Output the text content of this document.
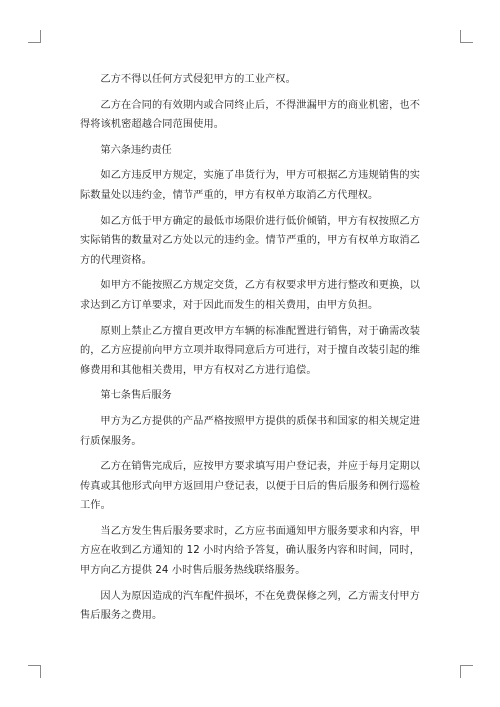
乙方不得以任何方式侵犯甲方的工业产权。

乙方在合同的有效期内或合同终止后，不得泄漏甲方的商业机密，也不得将该机密超越合同范围使用。

第六条违约责任

如乙方违反甲方规定，实施了串货行为，甲方可根据乙方违规销售的实际数量处以违约金，情节严重的，甲方有权单方取消乙方代理权。

如乙方低于甲方确定的最低市场限价进行低价倾销，甲方有权按照乙方实际销售的数量对乙方处以元的违约金。情节严重的，甲方有权单方取消乙方的代理资格。

如甲方不能按照乙方规定交货，乙方有权要求甲方进行整改和更换，以求达到乙方订单要求，对于因此而发生的相关费用，由甲方负担。

原则上禁止乙方擅自更改甲方车辆的标准配置进行销售，对于确需改装的，乙方应提前向甲方立项并取得同意后方可进行，对于擅自改装引起的维修费用和其他相关费用，甲方有权对乙方进行追偿。

第七条售后服务

甲方为乙方提供的产品严格按照甲方提供的质保书和国家的相关规定进行质保服务。

乙方在销售完成后，应按甲方要求填写用户登记表，并应于每月定期以传真或其他形式向甲方返回用户登记表，以便于日后的售后服务和例行巡检工作。

当乙方发生售后服务要求时，乙方应书面通知甲方服务要求和内容，甲方应在收到乙方通知的 12 小时内给予答复，确认服务内容和时间，同时，甲方向乙方提供 24 小时售后服务热线联络服务。

因人为原因造成的汽车配件损坏，不在免费保修之列，乙方需支付甲方售后服务之费用。
